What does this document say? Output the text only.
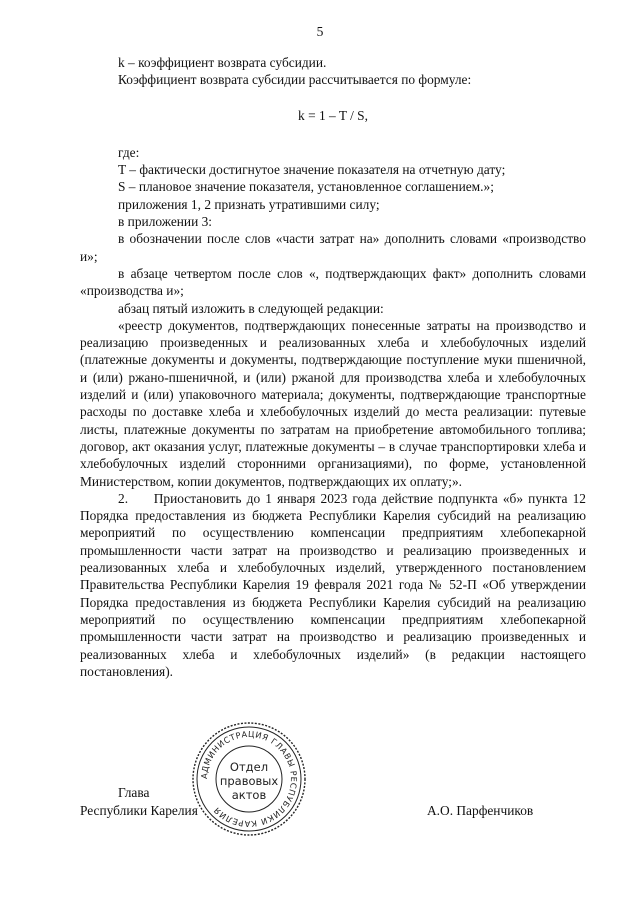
5

k – коэффициент возврата субсидии.

Коэффициент возврата субсидии рассчитывается по формуле:

k = 1 – T / S,

где:

T – фактически достигнутое значение показателя на отчетную дату;

S – плановое значение показателя, установленное соглашением.»;

приложения 1, 2 признать утратившими силу;

в приложении 3:

в обозначении после слов «части затрат на» дополнить словами «производство и»;

в абзаце четвертом после слов «, подтверждающих факт» дополнить словами «производства и»;

абзац пятый изложить в следующей редакции:

«реестр документов, подтверждающих понесенные затраты на производство и реализацию произведенных и реализованных хлеба и хлебобулочных изделий (платежные документы и документы, подтверждающие поступление муки пшеничной, и (или) ржано-пшеничной, и (или) ржаной для производства хлеба и хлебобулочных изделий и (или) упаковочного материала; документы, подтверждающие транспортные расходы по доставке хлеба и хлебобулочных изделий до места реализации: путевые листы, платежные документы по затратам на приобретение автомобильного топлива; договор, акт оказания услуг, платежные документы – в случае транспортировки хлеба и хлебобулочных изделий сторонними организациями), по форме, установленной Министерством, копии документов, подтверждающих их оплату;».

2.     Приостановить до 1 января 2023 года действие подпункта «б» пункта 12 Порядка предоставления из бюджета Республики Карелия субсидий на реализацию мероприятий по осуществлению компенсации предприятиям хлебопекарной промышленности части затрат на производство и реализацию произведенных и реализованных хлеба и хлебобулочных изделий, утвержденного постановлением Правительства Республики Карелия 19 февраля 2021 года № 52-П «Об утверждении Порядка предоставления из бюджета Республики Карелия субсидий на реализацию мероприятий по осуществлению компенсации предприятиям хлебопекарной промышленности части затрат на производство и реализацию произведенных и реализованных хлеба и хлебобулочных изделий» (в редакции настоящего постановления).

Глава
Республики Карелия	А.О. Парфенчиков
АДМИНИСТРАЦИЯ ГЛАВЫ РЕСПУБЛИКИ КАРЕЛИЯ
Отдел
правовых
актов
